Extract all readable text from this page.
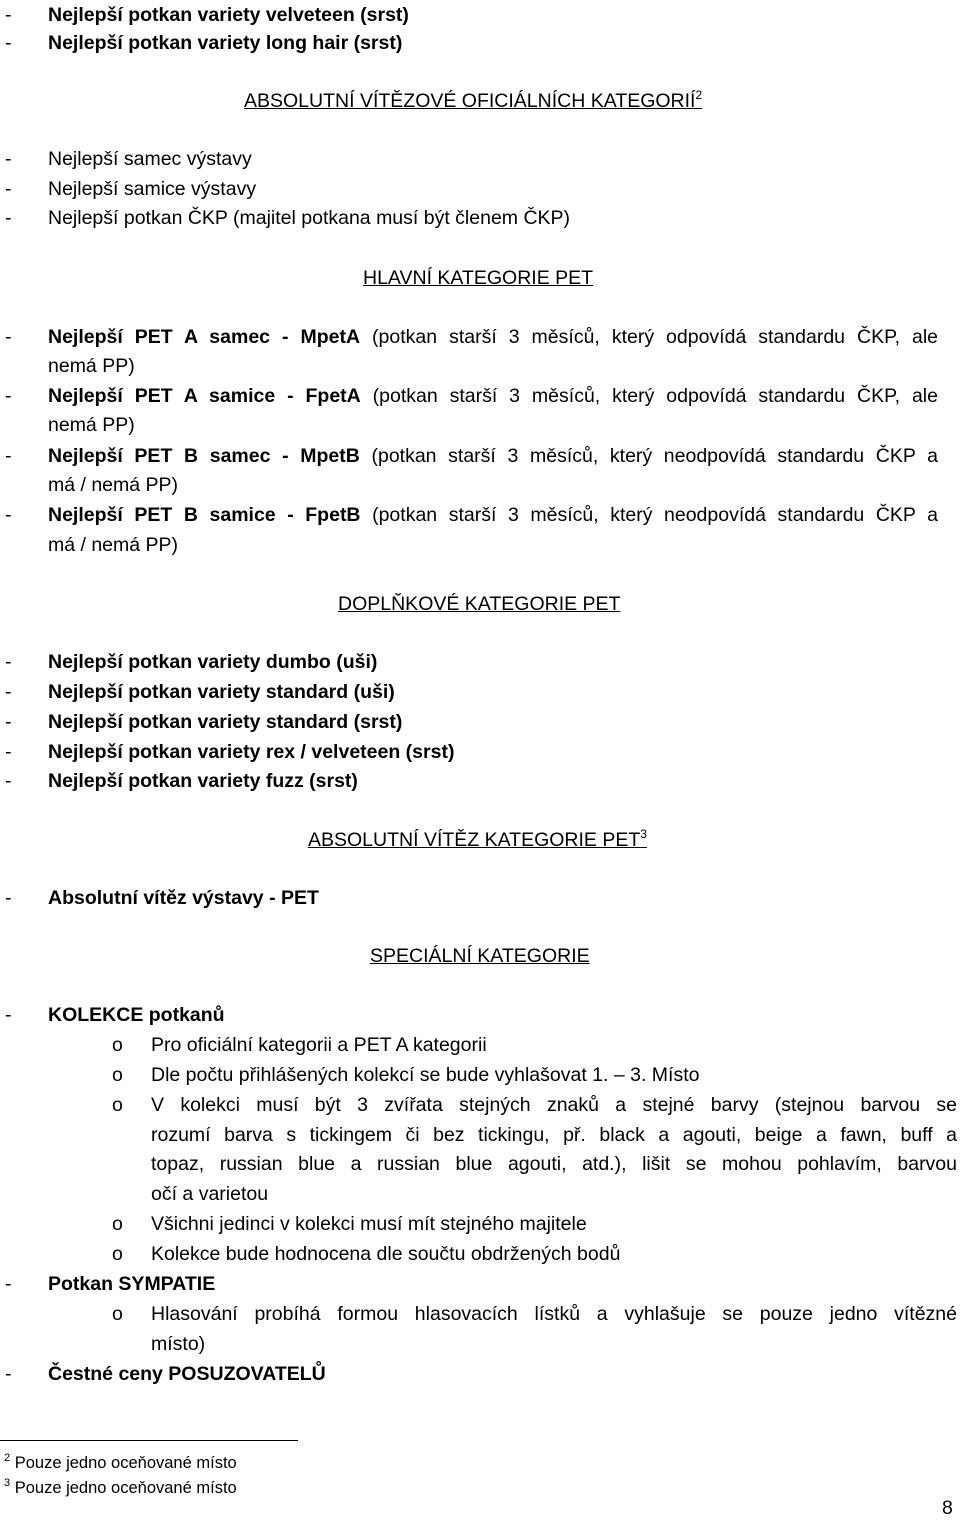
- Nejlepší potkan variety velveteen (srst)
- Nejlepší potkan variety long hair (srst)
ABSOLUTNÍ VÍTĚZOVÉ OFICIÁLNÍCH KATEGORIÍ$^2$
- Nejlepší samec výstavy
- Nejlepší samice výstavy
- Nejlepší potkan ČKP (majitel potkana musí být členem ČKP)
HLAVNÍ KATEGORIE PET
- Nejlepší PET A samec - MpetA (potkan starší 3 měsíců, který odpovídá standardu ČKP, ale
nemá PP)
- Nejlepší PET A samice - FpetA (potkan starší 3 měsíců, který odpovídá standardu ČKP, ale
nemá PP)
- Nejlepší PET B samec - MpetB (potkan starší 3 měsíců, který neodpovídá standardu ČKP a
má / nemá PP)
- Nejlepší PET B samice - FpetB (potkan starší 3 měsíců, který neodpovídá standardu ČKP a
má / nemá PP)
DOPLŇKOVÉ KATEGORIE PET
- Nejlepší potkan variety dumbo (uši)
- Nejlepší potkan variety standard (uši)
- Nejlepší potkan variety standard (srst)
- Nejlepší potkan variety rex / velveteen (srst)
- Nejlepší potkan variety fuzz (srst)
ABSOLUTNÍ VÍTĚZ KATEGORIE PET$^3$
- Absolutní vítěz výstavy - PET
SPECIÁLNÍ KATEGORIE
- KOLEKCE potkanů
o Pro oficiální kategorii a PET A kategorii
o Dle počtu přihlášených kolekcí se bude vyhlašovat 1. – 3. Místo
o V kolekci musí být 3 zvířata stejných znaků a stejné barvy (stejnou barvou se
rozumí barva s tickingem či bez tickingu, př. black a agouti, beige a fawn, buff a
topaz, russian blue a russian blue agouti, atd.), lišit se mohou pohlavím, barvou
očí a varietou
o Všichni jedinci v kolekci musí mít stejného majitele
o Kolekce bude hodnocena dle součtu obdržených bodů
- Potkan SYMPATIE
o Hlasování probíhá formou hlasovacích lístků a vyhlašuje se pouze jedno vítězné
místo)
- Čestné ceny POSUZOVATELŮ
$^2$ Pouze jedno oceňované místo
$^3$ Pouze jedno oceňované místo
8
